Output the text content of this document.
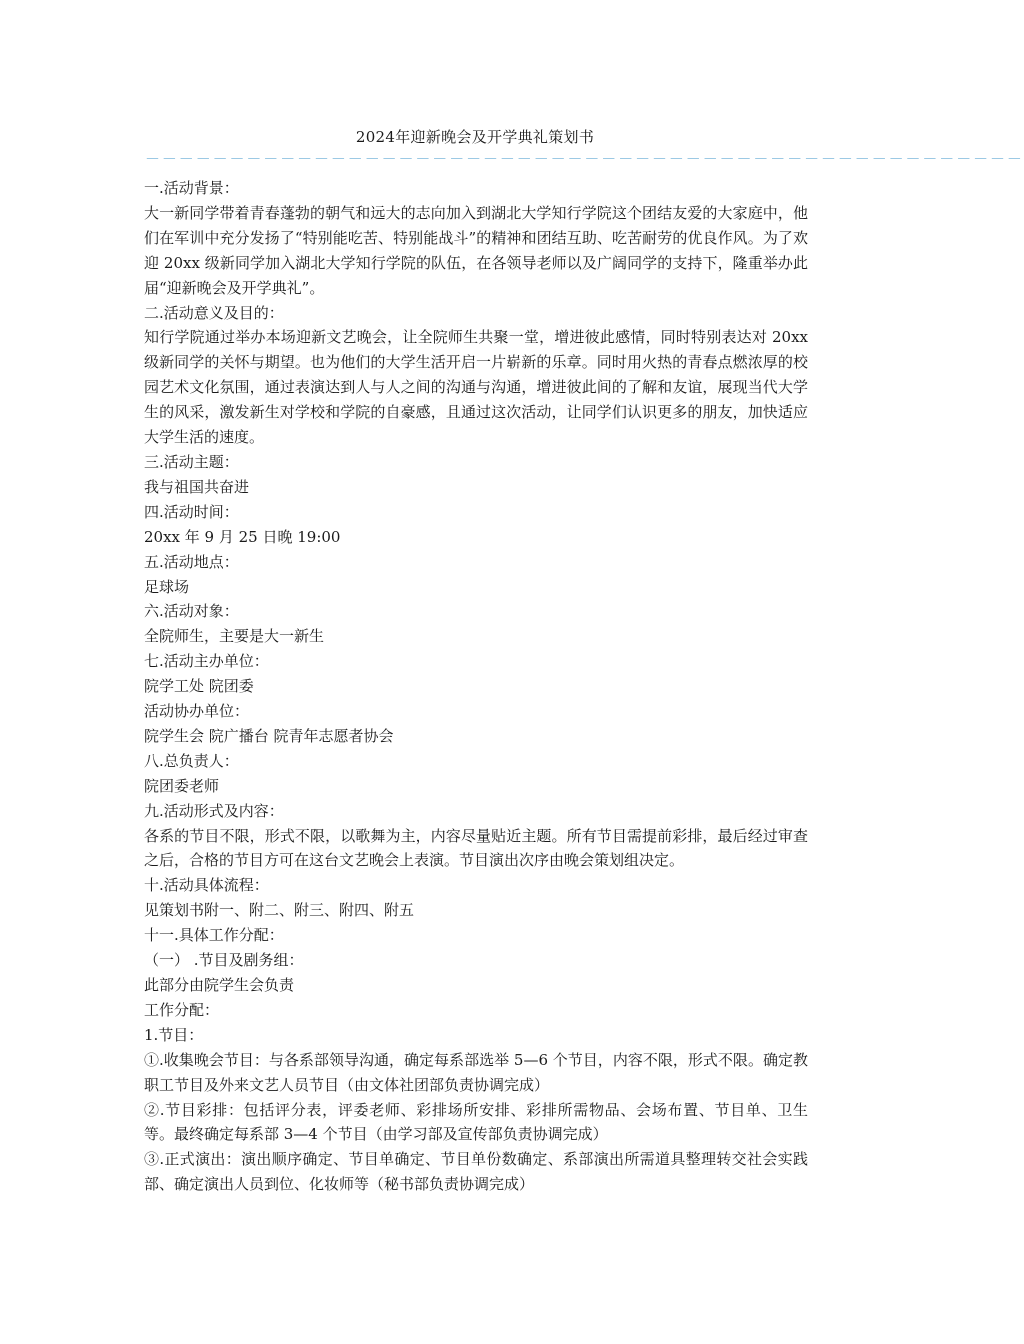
2024年迎新晚会及开学典礼策划书
－－－－－－－－－－－－－－－－－－－－－－－－－－－－－－－－－－－－－－－－－－－－－－－－－－－－

一.活动背景：

大一新同学带着青春蓬勃的朝气和远大的志向加入到湖北大学知行学院这个团结友爱的大家庭中，他们在军训中充分发扬了“特别能吃苦、特别能战斗”的精神和团结互助、吃苦耐劳的优良作风。为了欢迎 20xx 级新同学加入湖北大学知行学院的队伍，在各领导老师以及广阔同学的支持下，隆重举办此届“迎新晚会及开学典礼”。

二.活动意义及目的：

知行学院通过举办本场迎新文艺晚会，让全院师生共聚一堂，增进彼此感情，同时特别表达对 20xx 级新同学的关怀与期望。也为他们的大学生活开启一片崭新的乐章。同时用火热的青春点燃浓厚的校园艺术文化氛围，通过表演达到人与人之间的沟通与沟通，增进彼此间的了解和友谊，展现当代大学生的风采，激发新生对学校和学院的自豪感，且通过这次活动，让同学们认识更多的朋友，加快适应大学生活的速度。

三.活动主题：

我与祖国共奋进

四.活动时间：

20xx 年 9 月 25 日晚 19:00

五.活动地点：

足球场

六.活动对象：

全院师生，主要是大一新生

七.活动主办单位：

院学工处 院团委

活动协办单位：

院学生会 院广播台 院青年志愿者协会

八.总负责人：

院团委老师

九.活动形式及内容：

各系的节目不限，形式不限，以歌舞为主，内容尽量贴近主题。所有节目需提前彩排，最后经过审查之后，合格的节目方可在这台文艺晚会上表演。节目演出次序由晚会策划组决定。

十.活动具体流程：

见策划书附一、附二、附三、附四、附五

十一.具体工作分配：

（一） .节目及剧务组：

此部分由院学生会负责

工作分配：

1.节目：

①.收集晚会节目：与各系部领导沟通，确定每系部选举 5—6 个节目，内容不限，形式不限。确定教职工节目及外来文艺人员节目（由文体社团部负责协调完成）

②.节目彩排：包括评分表，评委老师、彩排场所安排、彩排所需物品、会场布置、节目单、卫生等。最终确定每系部 3—4 个节目（由学习部及宣传部负责协调完成）

③.正式演出：演出顺序确定、节目单确定、节目单份数确定、系部演出所需道具整理转交社会实践部、确定演出人员到位、化妆师等（秘书部负责协调完成）
